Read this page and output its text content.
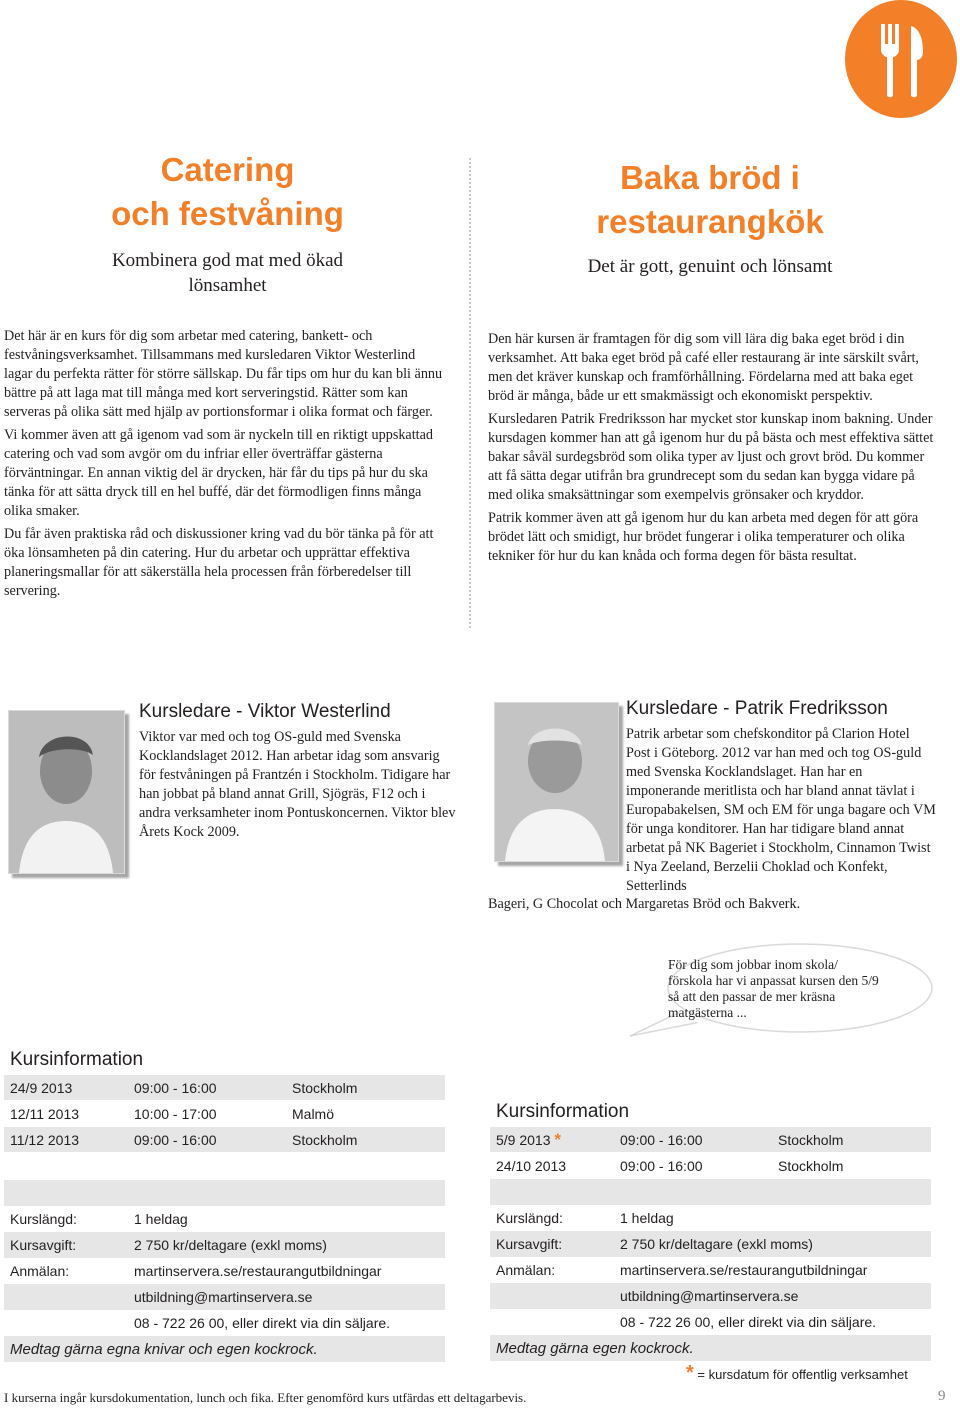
Catering

och festvåning

Kombinera god mat med ökad

lönsamhet

Baka bröd i

restaurangkök

Det är gott, genuint och lönsamt

Det här är en kurs för dig som arbetar med catering, bankett- och festvåningsverksamhet. Tillsammans med kursledaren Viktor Westerlind lagar du perfekta rätter för större sällskap. Du får tips om hur du kan bli ännu bättre på att laga mat till många med kort serveringstid. Rätter som kan serveras på olika sätt med hjälp av portionsformar i olika format och färger.

Vi kommer även att gå igenom vad som är nyckeln till en riktigt uppskattad catering och vad som avgör om du infriar eller överträffar gästerna förväntningar. En annan viktig del är drycken, här får du tips på hur du ska tänka för att sätta dryck till en hel buffé, där det förmodligen finns många olika smaker.

Du får även praktiska råd och diskussioner kring vad du bör tänka på för att öka lönsamheten på din catering. Hur du arbetar och upprättar effektiva planeringsmallar för att säkerställa hela processen från förberedelser till servering.

Den här kursen är framtagen för dig som vill lära dig baka eget bröd i din verksamhet. Att baka eget bröd på café eller restaurang är inte särskilt svårt, men det kräver kunskap och framförhållning. Fördelarna med att baka eget bröd är många, både ur ett smakmässigt och ekonomiskt perspektiv.

Kursledaren Patrik Fredriksson har mycket stor kunskap inom bakning. Under kursdagen kommer han att gå igenom hur du på bästa och mest effektiva sättet bakar såväl surdegsbröd som olika typer av ljust och grovt bröd. Du kommer att få sätta degar utifrån bra grundrecept som du sedan kan bygga vidare på med olika smaksättningar som exempelvis grönsaker och kryddor.

Patrik kommer även att gå igenom hur du kan arbeta med degen för att göra brödet lätt och smidigt, hur brödet fungerar i olika temperaturer och olika tekniker för hur du kan knåda och forma degen för bästa resultat.

Kursledare - Viktor Westerlind

Viktor var med och tog OS-guld med Svenska Kocklandslaget 2012. Han arbetar idag som ansvarig för festvåningen på Frantzén i Stockholm. Tidigare har han jobbat på bland annat Grill, Sjögräs, F12 och i andra verksamheter inom Pontuskoncernen. Viktor blev Årets Kock 2009.

Kursledare - Patrik Fredriksson

Patrik arbetar som chefskonditor på Clarion Hotel Post i Göteborg. 2012 var han med och tog OS-guld med Svenska Kocklandslaget. Han har en imponerande meritlista och har bland annat tävlat i Europabakelsen, SM och EM för unga bagare och VM för unga konditorer. Han har tidigare bland annat arbetat på NK Bageriet i Stockholm, Cinnamon Twist i Nya Zeeland, Berzelii Choklad och Konfekt, Setterlinds

Bageri, G Chocolat och Margaretas Bröd och Bakverk.

För dig som jobbar inom skola/ förskola har vi anpassat kursen den 5/9 så att den passar de mer kräsna matgästerna ...

Kursinformation

24/9 2013	09:00 - 16:00	Stockholm
12/11 2013	10:00 - 17:00	Malmö
11/12 2013	09:00 - 16:00	Stockholm
Kurslängd:	1 heldag
Kursavgift:	2 750 kr/deltagare (exkl moms)
Anmälan:	martinservera.se/restaurangutbildningar
utbildning@martinservera.se
08 - 722 26 00, eller direkt via din säljare.
Medtag gärna egna knivar och egen kockrock.

Kursinformation

5/9 2013 *	09:00 - 16:00	Stockholm
24/10 2013	09:00 - 16:00	Stockholm
Kurslängd:	1 heldag
Kursavgift:	2 750 kr/deltagare (exkl moms)
Anmälan:	martinservera.se/restaurangutbildningar
utbildning@martinservera.se
08 - 722 26 00, eller direkt via din säljare.
Medtag gärna egen kockrock.
* = kursdatum för offentlig verksamhet
I kurserna ingår kursdokumentation, lunch och fika. Efter genomförd kurs utfärdas ett deltagarbevis.	9
